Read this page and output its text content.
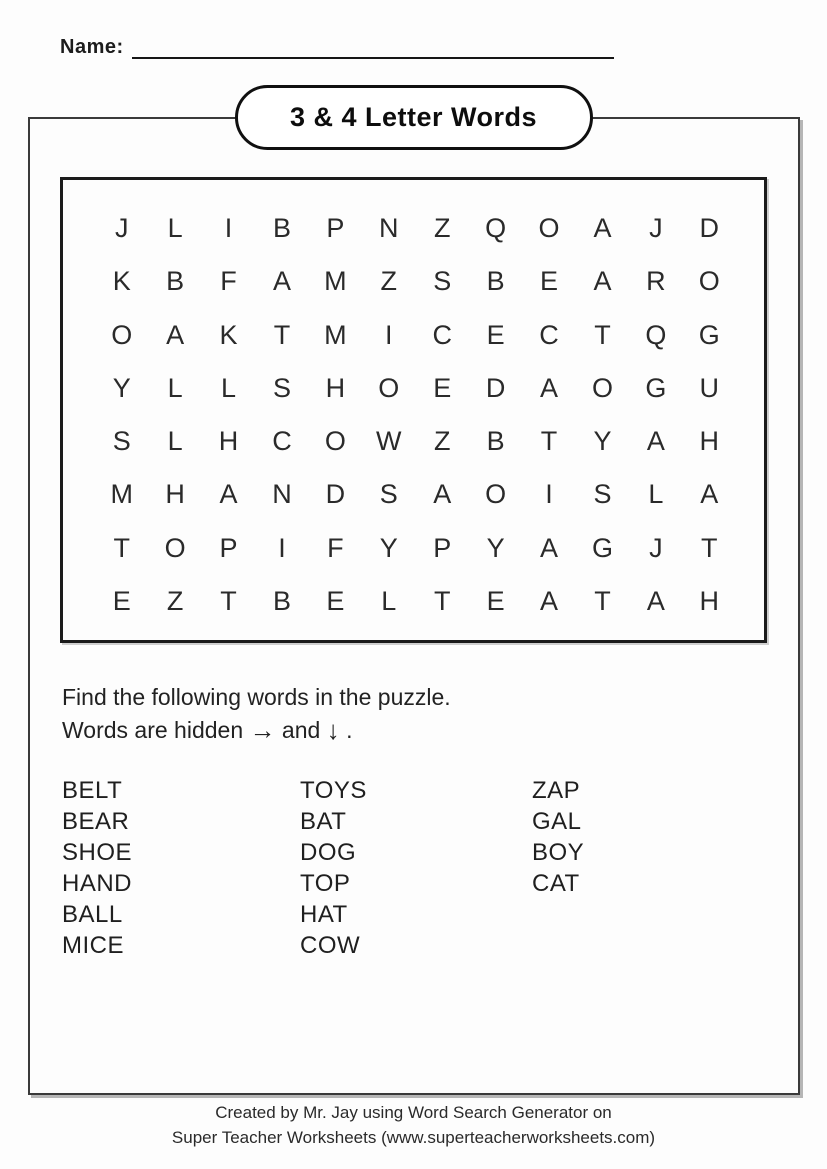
Name:
3 & 4 Letter Words
J L I B P N Z Q O A J D
K B F A M Z S B E A R O
O A K T M I C E C T Q G
Y L L S H O E D A O G U
S L H C O W Z B T Y A H
M H A N D S A O I S L A
T O P I F Y P Y A G J T
E Z T B E L T E A T A H
Find the following words in the puzzle.
Words are hidden → and ↓ .
BELT
BEAR
SHOE
HAND
BALL
MICE
TOYS
BAT
DOG
TOP
HAT
COW
ZAP
GAL
BOY
CAT
Created by Mr. Jay using Word Search Generator on
Super Teacher Worksheets (www.superteacherworksheets.com)
